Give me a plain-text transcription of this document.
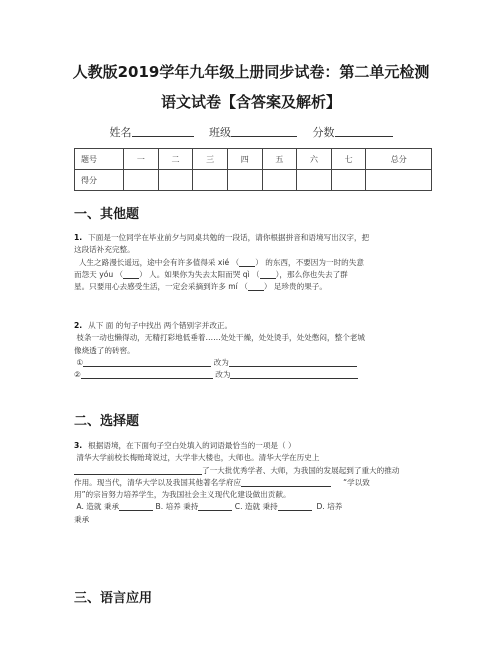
人教版2019学年九年级上册同步试卷：第二单元检测
语文试卷【含答案及解析】
姓名	班级	分数
题号	一	二	三	四	五	六	七	总分
得分								
一、其他题
1. 下面是一位同学在毕业前夕与同桌共勉的一段话，请你根据拼音和语境写出汉字，把
这段话补充完整。
人生之路漫长遥远，途中会有许多值得采 xié （ ） 的东西，不要因为一时的失意
而怨天 yóu （ ） 人。如果你为失去太阳而哭 qì （ ），那么你也失去了群
星。只要用心去感受生活，一定会采摘到许多 mí （ ） 足珍贵的果子。
2. 从下 面 的句子中找出 两个错别字并改正。
枝条一动也懒得动，无精打彩地低垂着……处处干燥，处处烫手，处处憋闷，整个老城
像烧透了的砖窖。
①	改为
②	改为
二、选择题
3. 根据语境，在下面句子空白处填入的词语最恰当的一项是（ ）
清华大学前校长梅贻琦说过，大学非大楼也，大师也。清华大学在历史上
了一大批优秀学者、大师，为我国的发展起到了重大的推动
作用。现当代，清华大学以及我国其他著名学府应	“学以致
用”的宗旨努力培养学生，为我国社会主义现代化建设做出贡献。
A. 造就 秉承	B. 培养 秉持	C. 造就 秉持	D. 培养
秉承
三、语言应用
